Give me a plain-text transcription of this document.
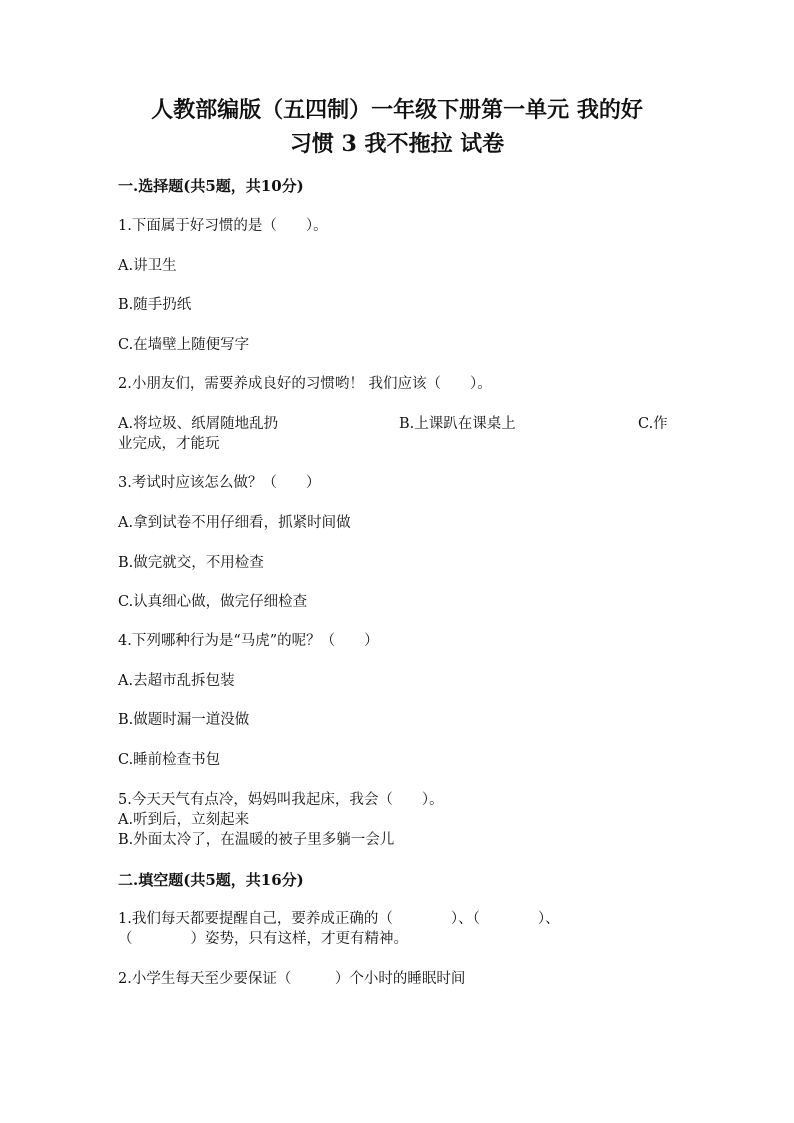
人教部编版（五四制）一年级下册第一单元 我的好
习惯 3 我不拖拉 试卷
一.选择题(共5题，共10分)
1.下面属于好习惯的是（　　）。
A.讲卫生
B.随手扔纸
C.在墙壁上随便写字
2.小朋友们，需要养成良好的习惯哟！ 我们应该（　　）。
A.将垃圾、纸屑随地乱扔	B.上课趴在课桌上	C.作
业完成，才能玩
3.考试时应该怎么做？（　　）
A.拿到试卷不用仔细看，抓紧时间做
B.做完就交，不用检查
C.认真细心做，做完仔细检查
4.下列哪种行为是“马虎”的呢？（　　）
A.去超市乱拆包装
B.做题时漏一道没做
C.睡前检查书包
5.今天天气有点冷，妈妈叫我起床，我会（　　）。
A.听到后，立刻起来
B.外面太冷了，在温暖的被子里多躺一会儿
二.填空题(共5题，共16分)
1.我们每天都要提醒自己，要养成正确的（　　　　）、（　　　　）、
（　　　　）姿势，只有这样，才更有精神。
2.小学生每天至少要保证（　　　）个小时的睡眠时间
